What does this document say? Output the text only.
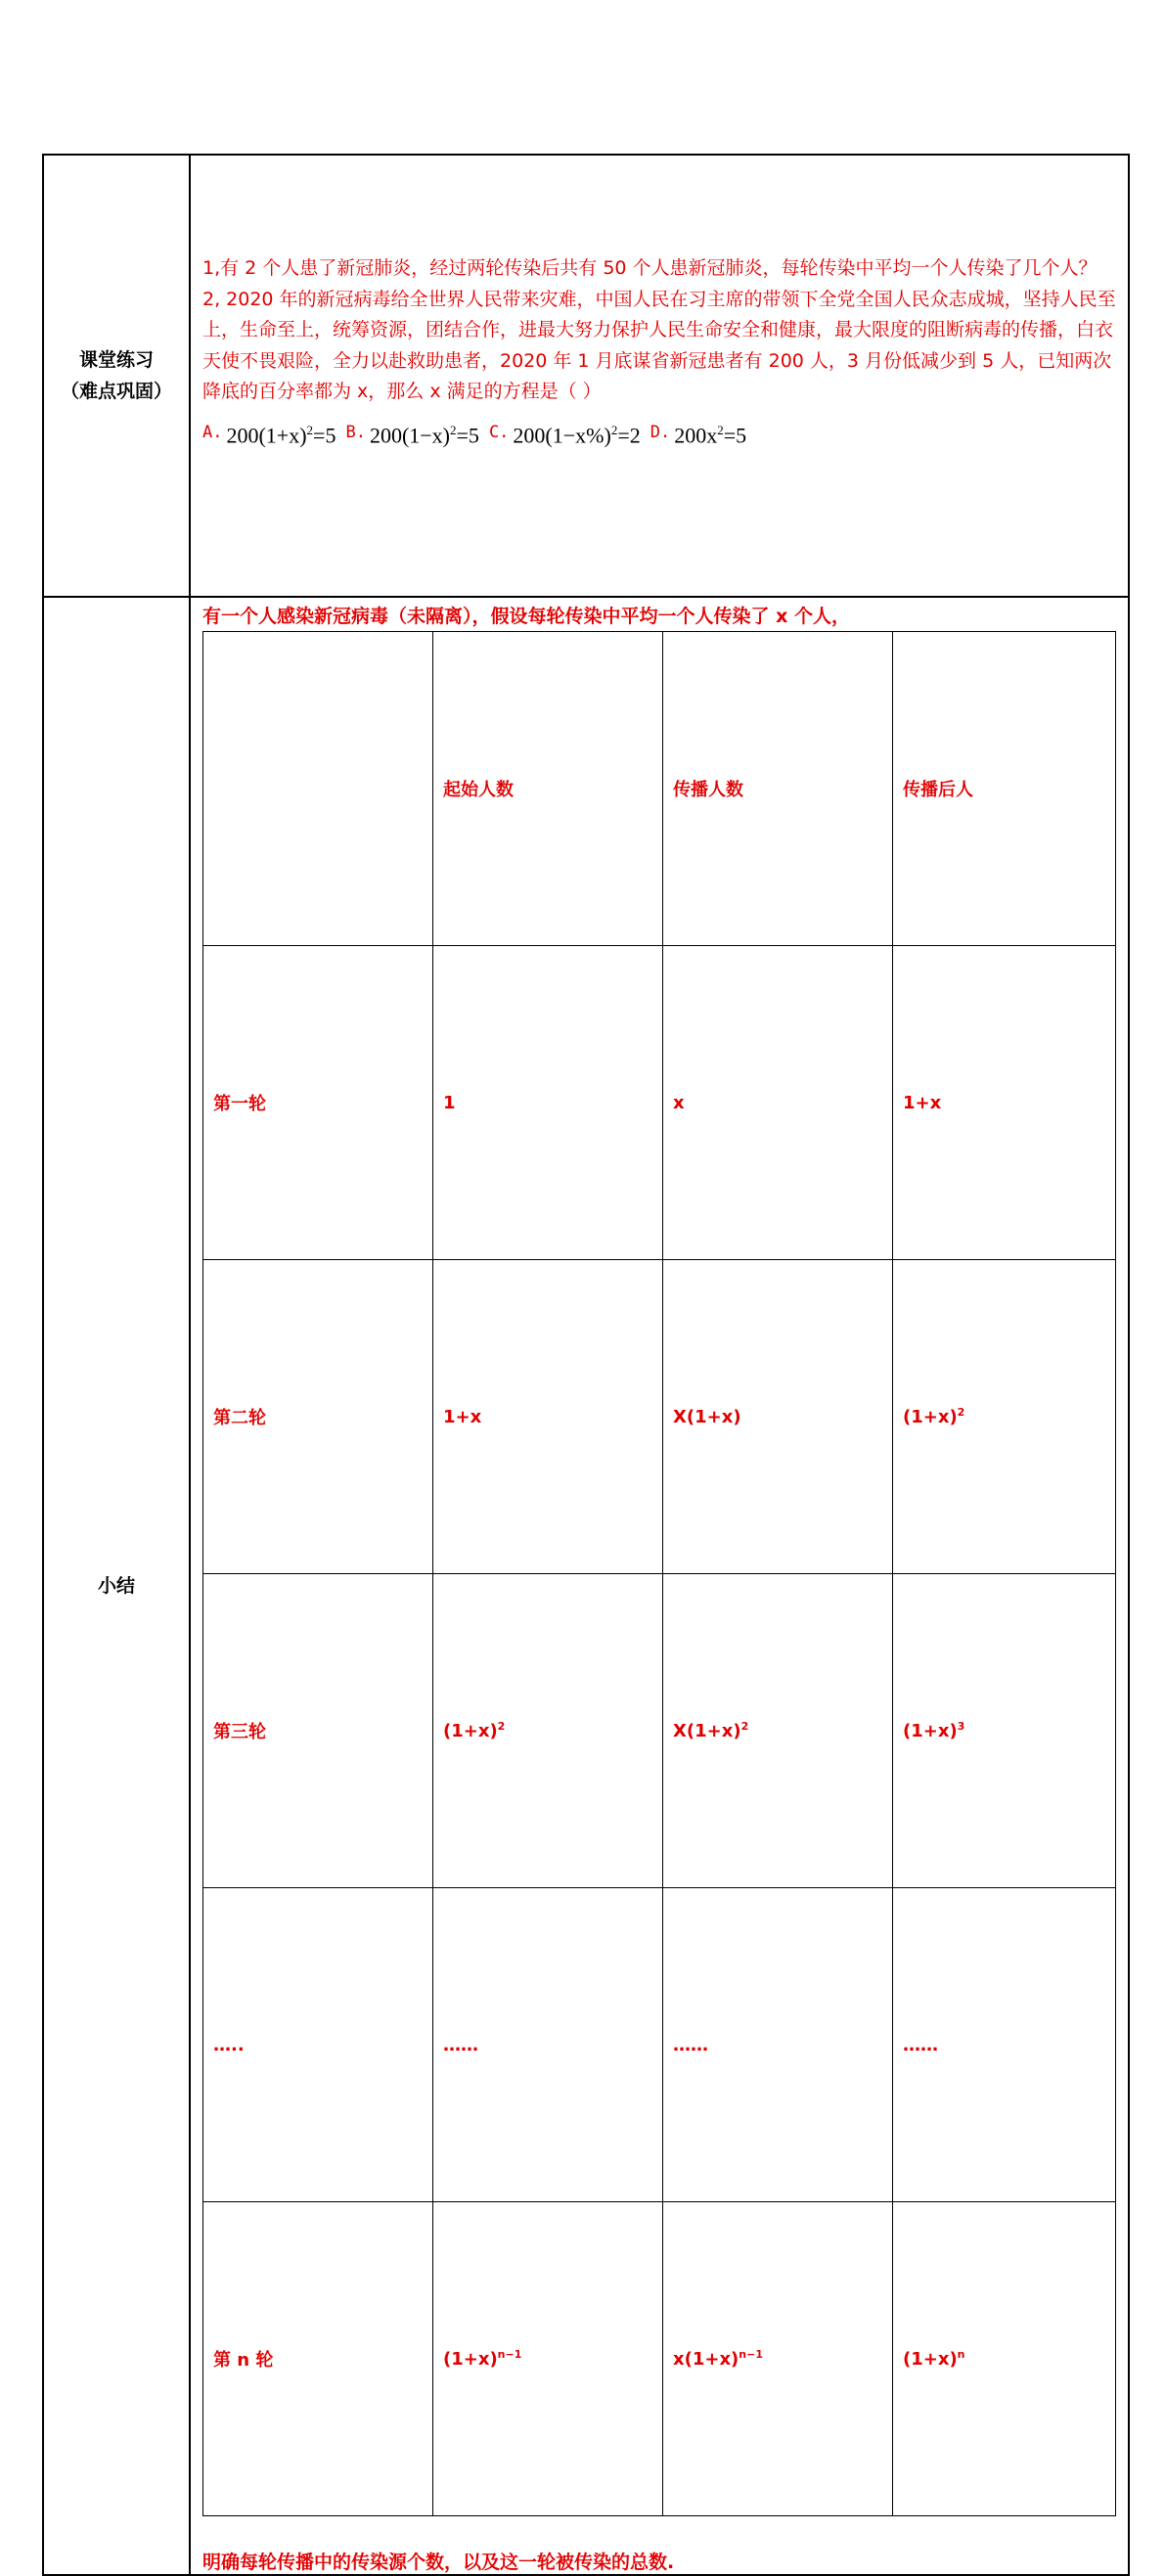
课堂练习
（难点巩固）

1,有 2 个人患了新冠肺炎，经过两轮传染后共有 50 个人患新冠肺炎，每轮传染中平均一个人传染了几个人？

2, 2020 年的新冠病毒给全世界人民带来灾难，中国人民在习主席的带领下全党全国人民众志成城，坚持人民至上，生命至上，统筹资源，团结合作，进最大努力保护人民生命安全和健康，最大限度的阻断病毒的传播，白衣天使不畏艰险，全力以赴救助患者，2020 年 1 月底谋省新冠患者有 200 人，3 月份低减少到 5 人，已知两次降底的百分率都为 x，那么 x 满足的方程是（ ）

A. $200(1+x)^2=5$ B. $200(1-x)^2=5$ C. $200(1-x\%)^2=2$ D. $200x^2=5$

小结

有一个人感染新冠病毒（未隔离），假设每轮传染中平均一个人传染了 x 个人，
	起始人数	传播人数	传播后人
第一轮	1	x	1+x
第二轮	1+x	X(1+x)	$(1+x)^2$
第三轮	$(1+x)^2$	$X(1+x)^2$	$(1+x)^3$
…..	……	……	……
第 n 轮	$(1+x)^{n-1}$	$x(1+x)^{n-1}$	$(1+x)^n$
明确每轮传播中的传染源个数，以及这一轮被传染的总数.
